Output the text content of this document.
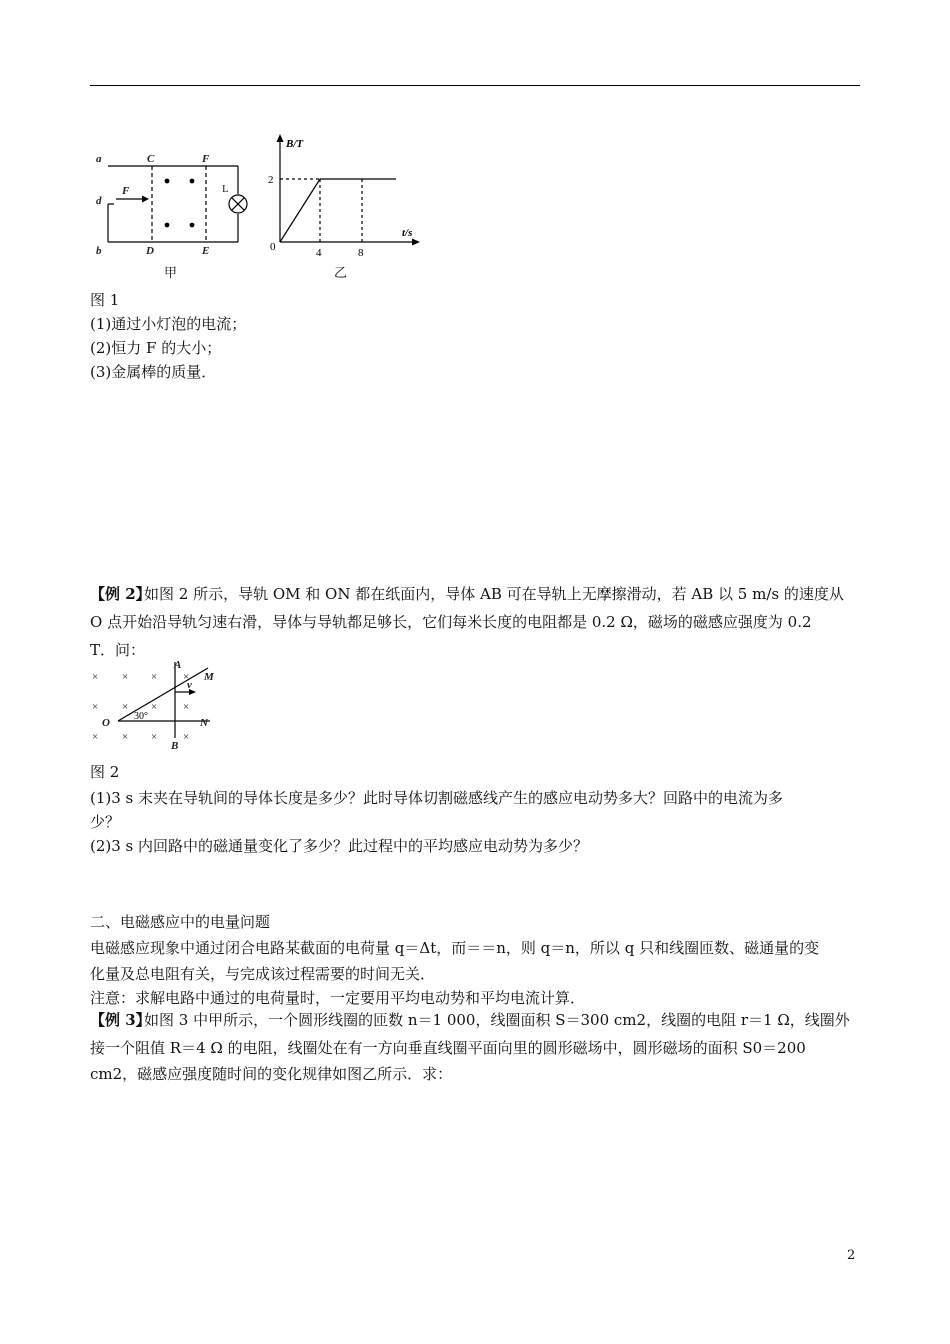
a
d
b
C	F
D	E
F	L
甲
B/T
t/s
2
0	4	8
乙
图 1
(1)通过小灯泡的电流；
(2)恒力 F 的大小；
(3)金属棒的质量．
【例 2】
如图 2 所示，导轨 OM 和 ON 都在纸面内，导体 AB 可在导轨上无摩擦滑动，若 AB 以 5 m/s 的速度从
O 点开始沿导轨匀速右滑，导体与导轨都足够长，它们每米长度的电阻都是 0.2 Ω，磁场的磁感应强度为 0.2
T．问：
× × × ×
× × × ×
× × × ×
A
M
v
O	N
B
30°
图 2
(1)3 s 末夹在导轨间的导体长度是多少？此时导体切割磁感线产生的感应电动势多大？回路中的电流为多
少？
(2)3 s 内回路中的磁通量变化了多少？此过程中的平均感应电动势为多少？
二、电磁感应中的电量问题
电磁感应现象中通过闭合电路某截面的电荷量 q＝Δt，而＝＝n，则 q＝n，所以 q 只和线圈匝数、磁通量的变
化量及总电阻有关，与完成该过程需要的时间无关．
注意：求解电路中通过的电荷量时，一定要用平均电动势和平均电流计算．
【例 3】
如图 3 中甲所示，一个圆形线圈的匝数 n＝1 000，线圈面积 S＝300 cm2，线圈的电阻 r＝1 Ω，线圈外
接一个阻值 R＝4 Ω 的电阻，线圈处在有一方向垂直线圈平面向里的圆形磁场中，圆形磁场的面积 S0＝200
cm2，磁感应强度随时间的变化规律如图乙所示．求：
2
